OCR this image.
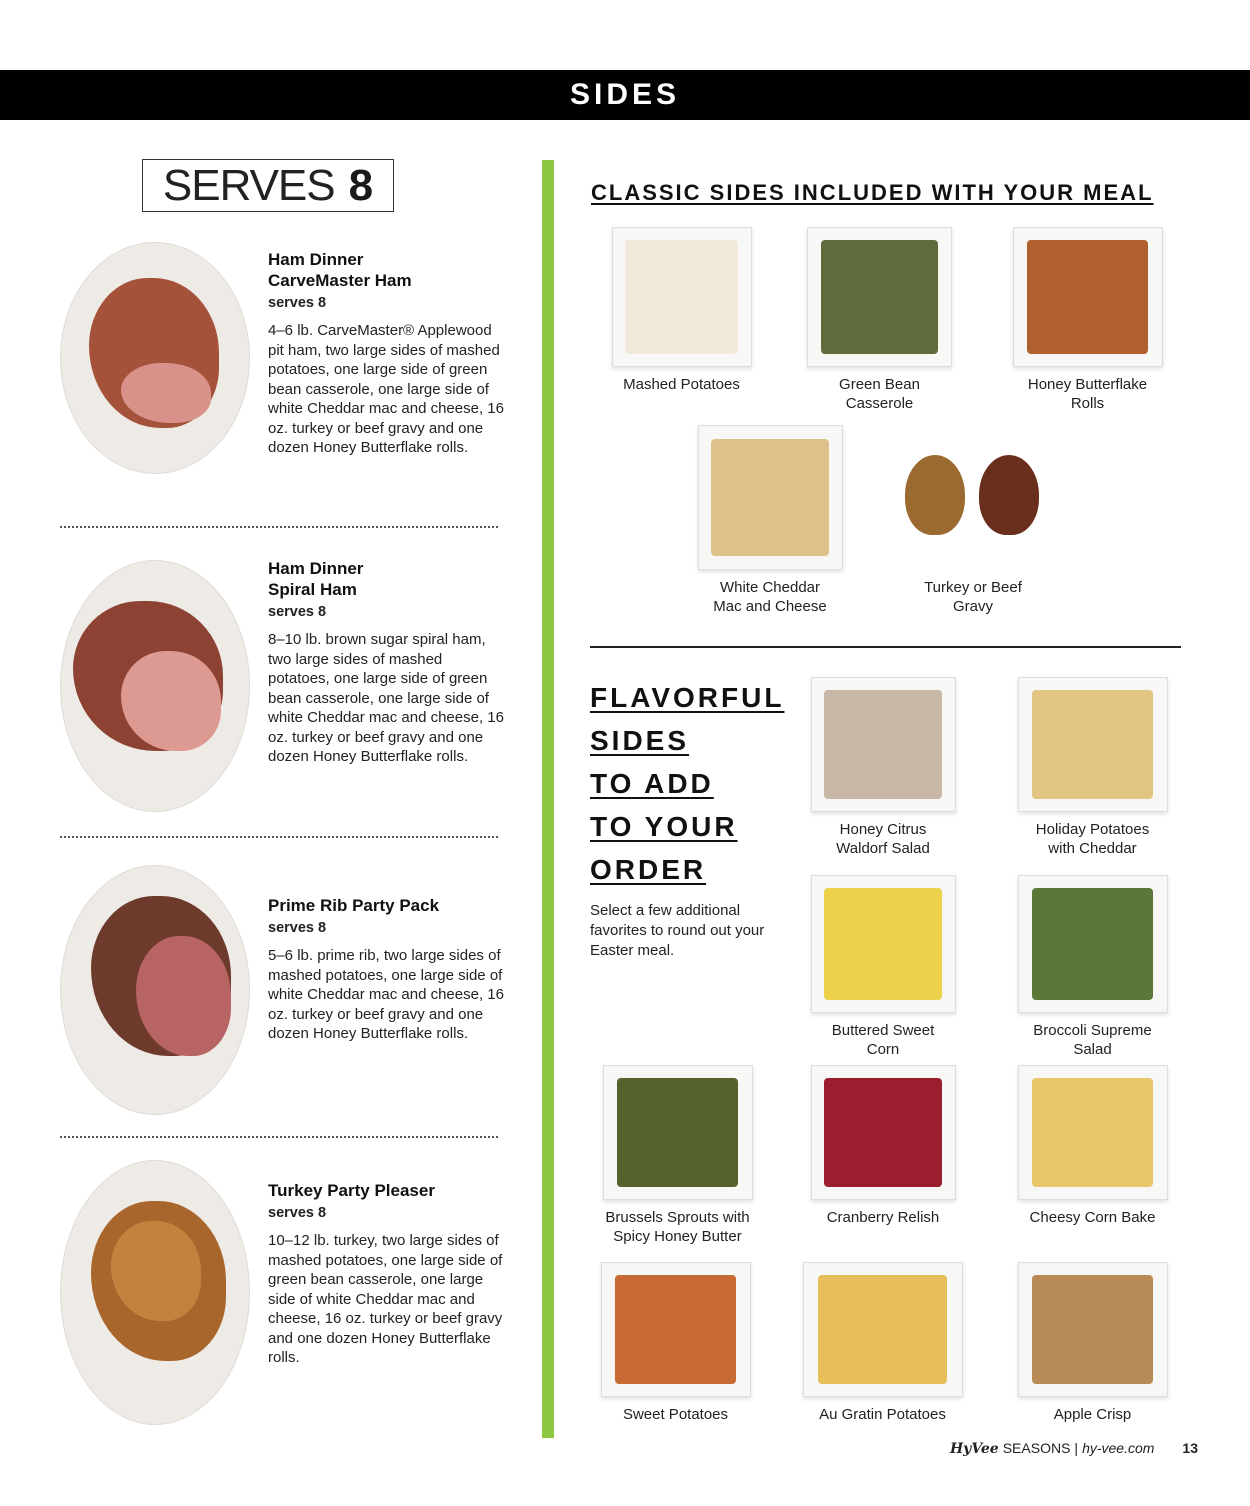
SIDES
SERVES 8
Ham Dinner
CarveMaster Ham
serves 8
4–6 lb. CarveMaster® Applewood pit ham, two large sides of mashed potatoes, one large side of green bean casserole, one large side of white Cheddar mac and cheese, 16 oz. turkey or beef gravy and one dozen Honey Butterflake rolls.
Ham Dinner
Spiral Ham
serves 8
8–10 lb. brown sugar spiral ham, two large sides of mashed potatoes, one large side of green bean casserole, one large side of white Cheddar mac and cheese, 16 oz. turkey or beef gravy and one dozen Honey Butterflake rolls.
Prime Rib Party Pack
serves 8
5–6 lb. prime rib, two large sides of mashed potatoes, one large side of white Cheddar mac and cheese, 16 oz. turkey or beef gravy and one dozen Honey Butterflake rolls.
Turkey Party Pleaser
serves 8
10–12 lb. turkey, two large sides of mashed potatoes, one large side of green bean casserole, one large side of white Cheddar mac and cheese, 16 oz. turkey or beef gravy and one dozen Honey Butterflake rolls.
CLASSIC SIDES INCLUDED WITH YOUR MEAL
Mashed Potatoes	Green Bean
Casserole
Honey Butterflake
Rolls
White Cheddar
Mac and Cheese
Turkey or Beef
Gravy
FLAVORFUL
SIDES
TO ADD
TO YOUR
ORDER
Select a few additional favorites to round out your Easter meal.
Honey Citrus
Waldorf Salad
Holiday Potatoes
with Cheddar
Buttered Sweet
Corn
Broccoli Supreme
Salad
Brussels Sprouts with
Spicy Honey Butter
Cranberry Relish	Cheesy Corn Bake
Sweet Potatoes	Au Gratin Potatoes	Apple Crisp
HyVee SEASONS | hy-vee.com 13
